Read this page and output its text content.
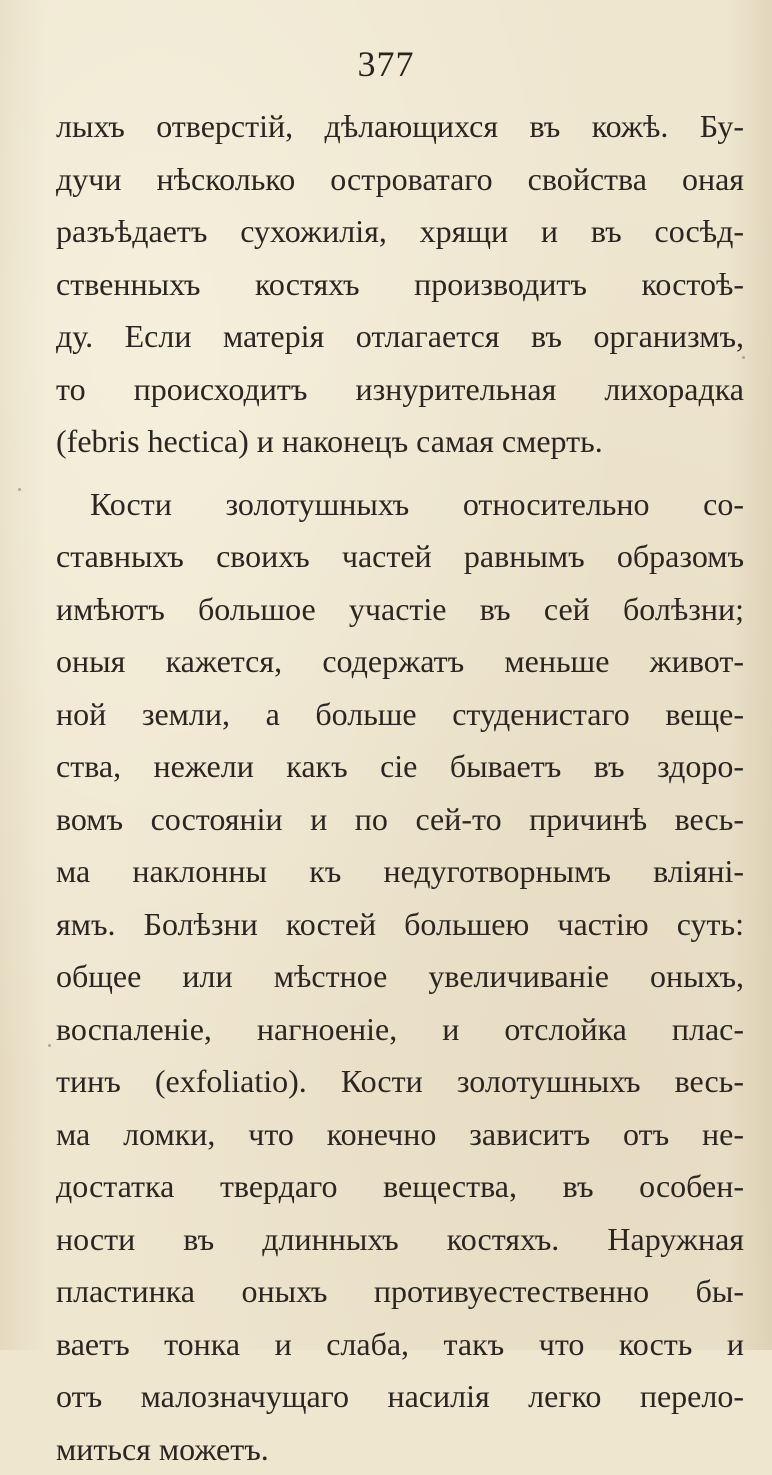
377
лыхъ отверстій, дѣлающихся въ кожѣ. Бу-
дучи нѣсколько островатаго свойства оная
разъѣдаетъ сухожилія, хрящи и въ сосѣд-
ственныхъ костяхъ производитъ костоѣ-
ду. Если матерія отлагается въ организмъ,
то происходитъ изнурительная лихорадка
(febris hectica) и наконецъ самая смерть.
Кости золотушныхъ относительно со-
ставныхъ своихъ частей равнымъ образомъ
имѣютъ большое участіе въ сей болѣзни;
оныя кажется, содержатъ меньше живот-
ной земли, а больше студенистаго веще-
ства, нежели какъ сіе бываетъ въ здоро-
вомъ состояніи и по сей-то причинѣ весь-
ма наклонны къ недуготворнымъ вліяні-
ямъ. Болѣзни костей большею частію суть:
общее или мѣстное увеличиваніе оныхъ,
воспаленіе, нагноеніе, и отслойка плас-
тинъ (exfoliatio). Кости золотушныхъ весь-
ма ломки, что конечно зависитъ отъ не-
достатка твердаго вещества, въ особен-
ности въ длинныхъ костяхъ. Наружная
пластинка оныхъ противуестественно бы-
ваетъ тонка и слаба, такъ что кость и
отъ малозначущаго насилія легко перело-
миться можетъ.
